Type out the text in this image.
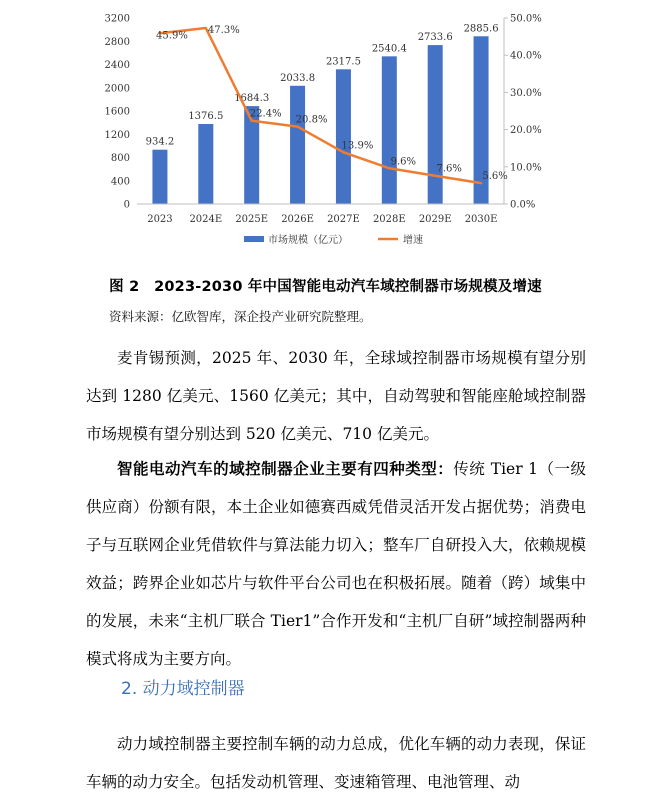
0
400
800
1200
1600
2000
2400
2800
3200
0.0%
10.0%
20.0%
30.0%
40.0%
50.0%
934.2
1376.5
1684.3
2033.8
2317.5
2540.4
2733.6
2885.6
45.9% 47.3%
22.4%
20.8%
13.9%
9.6%
7.6%
5.6%
2023 2024E 2025E 2026E 2027E 2028E 2029E 2030E
市场规模（亿元）	增速
图 2　2023-2030 年中国智能电动汽车域控制器市场规模及增速
资料来源：亿欧智库，深企投产业研究院整理。
麦肯锡预测，2025 年、2030 年，全球域控制器市场规模有望分别达到 1280 亿美元、1560 亿美元；其中，自动驾驶和智能座舱域控制器市场规模有望分别达到 520 亿美元、710 亿美元。
智能电动汽车的域控制器企业主要有四种类型：传统 Tier 1（一级供应商）份额有限，本土企业如德赛西威凭借灵活开发占据优势；消费电子与互联网企业凭借软件与算法能力切入；整车厂自研投入大，依赖规模效益；跨界企业如芯片与软件平台公司也在积极拓展。随着（跨）域集中的发展，未来“主机厂联合 Tier1”合作开发和“主机厂自研”域控制器两种模式将成为主要方向。
2. 动力域控制器
动力域控制器主要控制车辆的动力总成，优化车辆的动力表现，保证车辆的动力安全。包括发动机管理、变速箱管理、电池管理、动
